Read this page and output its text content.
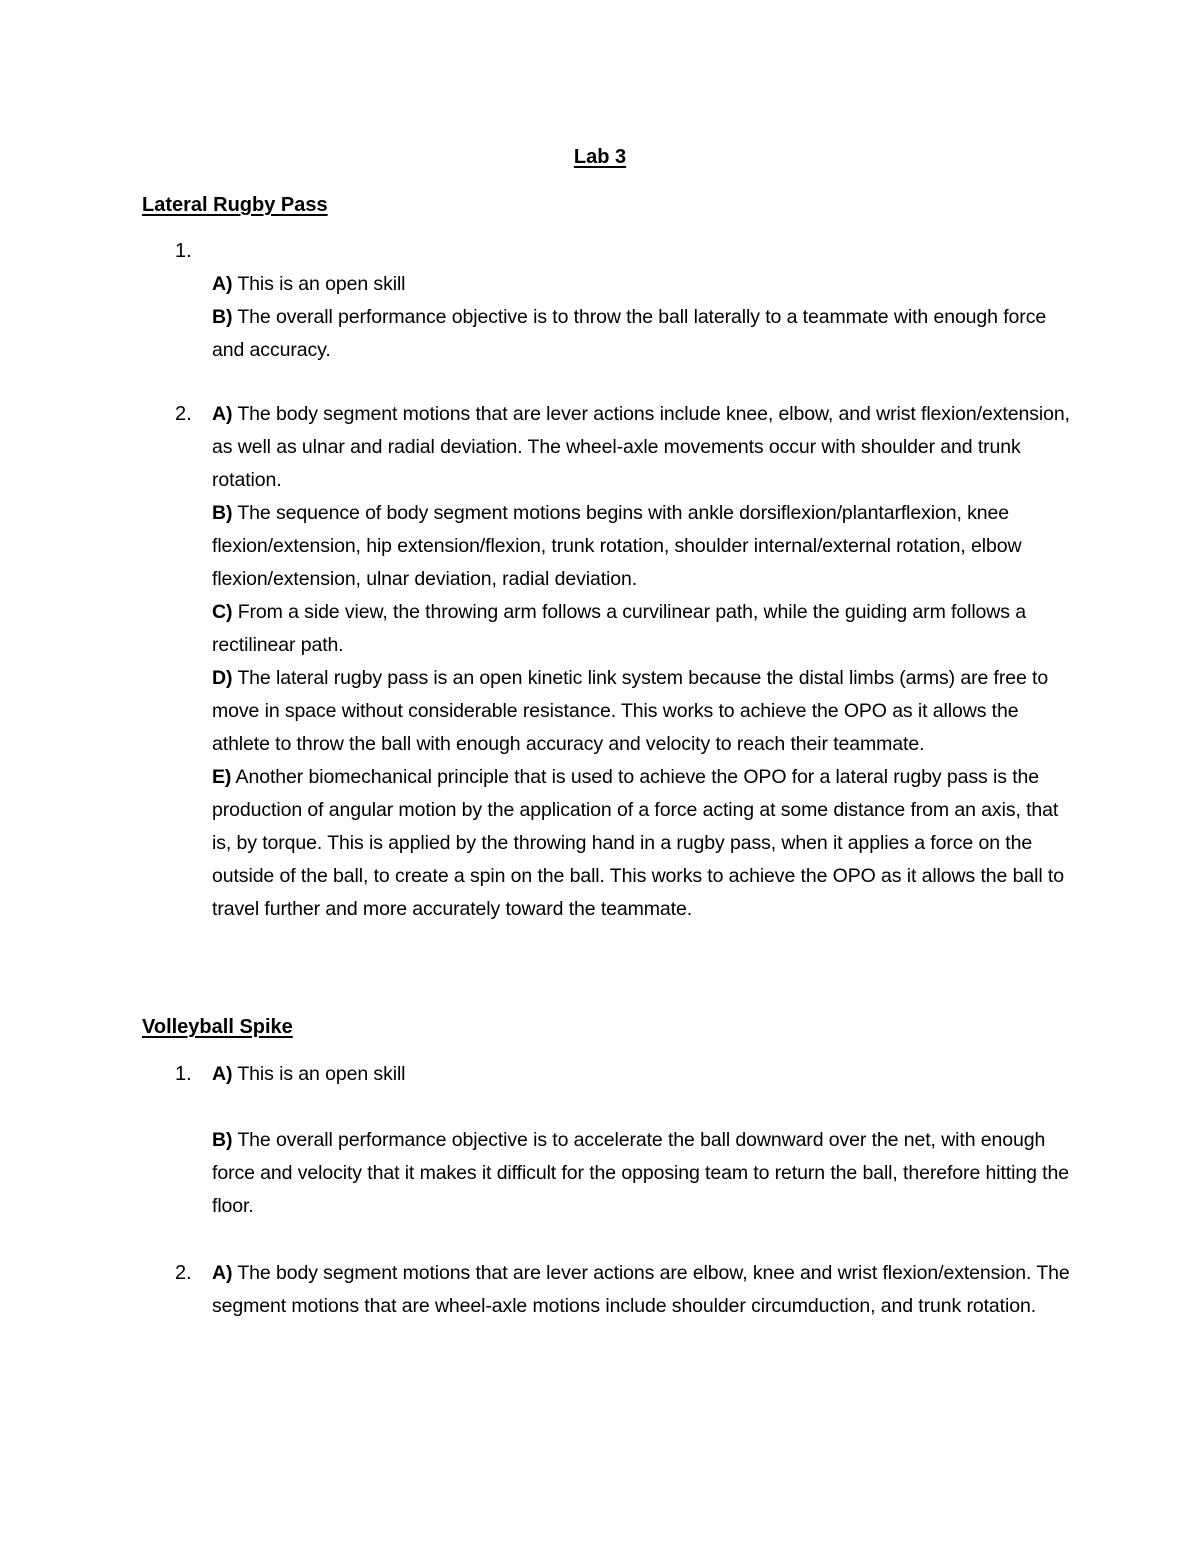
Lab 3
Lateral Rugby Pass
1.

A) This is an open skill

B) The overall performance objective is to throw the ball laterally to a teammate with enough force and accuracy.

2. A) The body segment motions that are lever actions include knee, elbow, and wrist flexion/extension, as well as ulnar and radial deviation. The wheel-axle movements occur with shoulder and trunk rotation.

B) The sequence of body segment motions begins with ankle dorsiflexion/plantarflexion, knee flexion/extension, hip extension/flexion, trunk rotation, shoulder internal/external rotation, elbow flexion/extension, ulnar deviation, radial deviation.

C) From a side view, the throwing arm follows a curvilinear path, while the guiding arm follows a rectilinear path.

D) The lateral rugby pass is an open kinetic link system because the distal limbs (arms) are free to move in space without considerable resistance. This works to achieve the OPO as it allows the athlete to throw the ball with enough accuracy and velocity to reach their teammate.

E) Another biomechanical principle that is used to achieve the OPO for a lateral rugby pass is the production of angular motion by the application of a force acting at some distance from an axis, that is, by torque. This is applied by the throwing hand in a rugby pass, when it applies a force on the outside of the ball, to create a spin on the ball. This works to achieve the OPO as it allows the ball to travel further and more accurately toward the teammate.

Volleyball Spike
1. A) This is an open skill

B) The overall performance objective is to accelerate the ball downward over the net, with enough force and velocity that it makes it difficult for the opposing team to return the ball, therefore hitting the floor.

2. A) The body segment motions that are lever actions are elbow, knee and wrist flexion/extension. The segment motions that are wheel-axle motions include shoulder circumduction, and trunk rotation.
